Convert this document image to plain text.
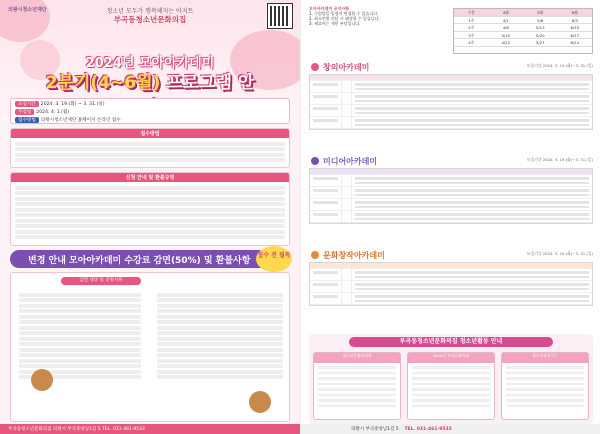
의왕시청소년재단	청소년 모두가 행복해지는 아지트
부곡동청소년문화의집
2024년 모아아카데미
2분기(4~6월) 프로그램 안
모집기간 2024. 3. 19.(화) ~ 3. 31.(일)
추첨일 2024. 4. 1.(월)
접수방법 의왕시청소년재단 홈페이지 온라인 접수
접수방법
신청 안내 및 환불규정
변경 안내 모아아카데미 수강료 감면(50%) 및 환불사항
접수 전 필독
감면 대상 및 증빙서류
부곡동청소년문화의집 의왕시 부곡중앙남1길 5 TEL. 031-461-9533
모아아카데미 공지사항
1. 수업당일 일정이 변경될 수 있습니다.
2. 최소인원 미달 시 폐강될 수 있습니다.
3. 재료비는 개인 부담입니다.
구분	4월	5월	6월
1주	4/1	5/6	6/3
2주	4/8	5/13	6/10
3주	4/15	5/20	6/17
4주	4/22	5/27	6/24
창의아카데미	모집기간 2024. 3. 19.(화)~3. 31.(일)
미디어아카데미	모집기간 2024. 3. 19.(화)~3. 31.(일)
문화창작아카데미	모집기간 2024. 3. 19.(화)~3. 31.(일)
부곡동청소년문화의집 청소년활동 안내
청소년운영위원회	2024년 토요문화학교	청소년자치기구
의왕시 부곡중앙남1길 5 TEL. 031-461-9533
